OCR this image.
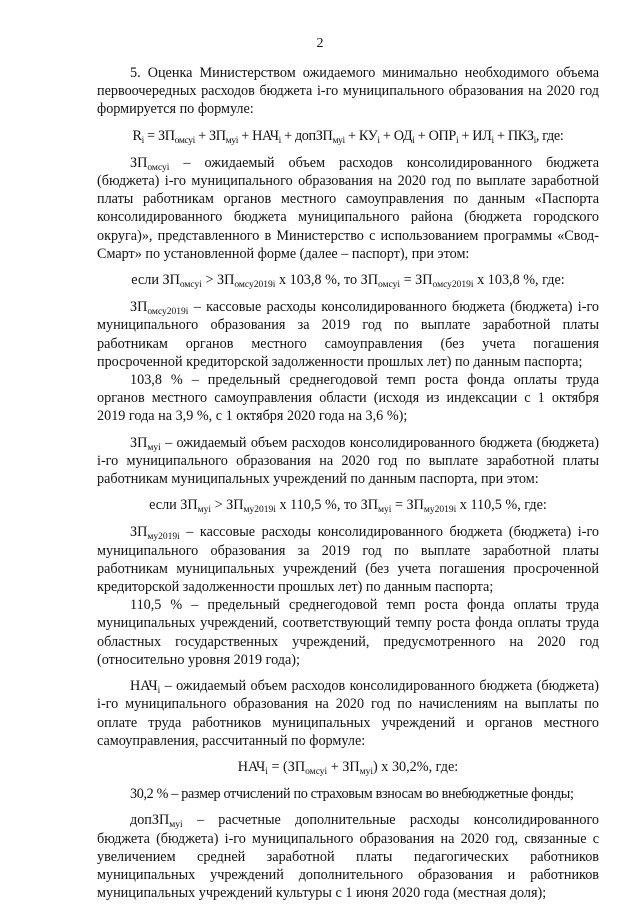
2

5. Оценка Министерством ожидаемого минимально необходимого объема первоочередных расходов бюджета i-го муниципального образования на 2020 год формируется по формуле:

$R_i = ЗП_{омсуi} + ЗП_{муi} + НАЧ_i$ + допЗП$_{муi}$ + $КУ_i + ОД_i + ОПР_i + ИЛ_i + ПКЗ_i$, где:

$ЗП_{омсуi}$ – ожидаемый объем расходов консолидированного бюджета (бюджета) i-го муниципального образования на 2020 год по выплате заработной платы работникам органов местного самоуправления по данным «Паспорта консолидированного бюджета муниципального района (бюджета городского округа)», представленного в Министерство с использованием программы «Свод-Смарт» по установленной форме (далее – паспорт), при этом:

если $ЗП_{омсуi} > ЗП_{омсу2019i}$ х 103,8 %, то $ЗП_{омсуi} = ЗП_{омсу2019i}$ х 103,8 %, где:

$ЗП_{омсу2019i}$ – кассовые расходы консолидированного бюджета (бюджета) i-го муниципального образования за 2019 год по выплате заработной платы работникам органов местного самоуправления (без учета погашения просроченной кредиторской задолженности прошлых лет) по данным паспорта;

103,8 % – предельный среднегодовой темп роста фонда оплаты труда органов местного самоуправления области (исходя из индексации с 1 октября 2019 года на 3,9 %, с 1 октября 2020 года на 3,6 %);

$ЗП_{муi}$ – ожидаемый объем расходов консолидированного бюджета (бюджета) i-го муниципального образования на 2020 год по выплате заработной платы работникам муниципальных учреждений по данным паспорта, при этом:

если $ЗП_{муi} > ЗП_{му2019i}$ х 110,5 %, то $ЗП_{муi} = ЗП_{му2019i}$ х 110,5 %, где:

$ЗП_{му2019i}$ – кассовые расходы консолидированного бюджета (бюджета) i-го муниципального образования за 2019 год по выплате заработной платы работникам муниципальных учреждений (без учета погашения просроченной кредиторской задолженности прошлых лет) по данным паспорта;

110,5 % – предельный среднегодовой темп роста фонда оплаты труда муниципальных учреждений, соответствующий темпу роста фонда оплаты труда областных государственных учреждений, предусмотренного на 2020 год (относительно уровня 2019 года);

$НАЧ_i$ – ожидаемый объем расходов консолидированного бюджета (бюджета) i-го муниципального образования на 2020 год по начислениям на выплаты по оплате труда работников муниципальных учреждений и органов местного самоуправления, рассчитанный по формуле:

$НАЧ_i = (ЗП_{омсуi} + ЗП_{муi})$ х 30,2%, где:

30,2 % – размер отчислений по страховым взносам во внебюджетные фонды;

допЗП$_{муi}$ – расчетные дополнительные расходы консолидированного бюджета (бюджета) i-го муниципального образования на 2020 год, связанные с увеличением средней заработной платы педагогических работников муниципальных учреждений дополнительного образования и работников муниципальных учреждений культуры с 1 июня 2020 года (местная доля);
